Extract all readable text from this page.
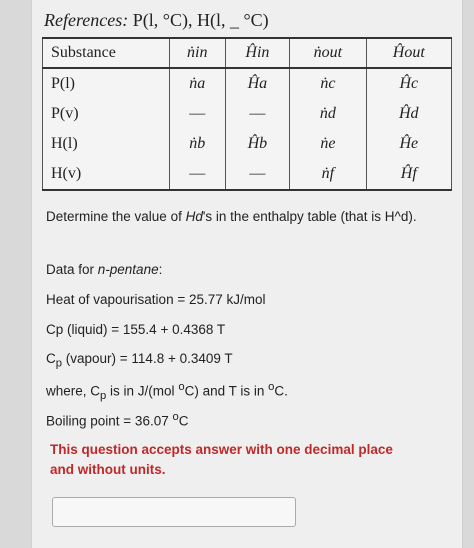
References: P(l, °C), H(l, _ °C)
Substance	ṅin	Ĥin	ṅout	Ĥout
P(l)	ṅa	Ĥa	ṅc	Ĥc
P(v)	—	—	ṅd	Ĥd
H(l)	ṅb	Ĥb	ṅe	Ĥe
H(v)	—	—	ṅf	Ĥf
Determine the value of Hd's in the enthalpy table (that is H^d).
Data for n-pentane:
Heat of vapourisation = 25.77 kJ/mol
Cp (liquid) = 155.4 + 0.4368 T
$C_p$ (vapour) = 114.8 + 0.3409 T
where, $C_p$ is in J/(mol $^o$C) and T is in $^o$C.
Boiling point = 36.07 $^o$C
This question accepts answer with one decimal place and without units.
